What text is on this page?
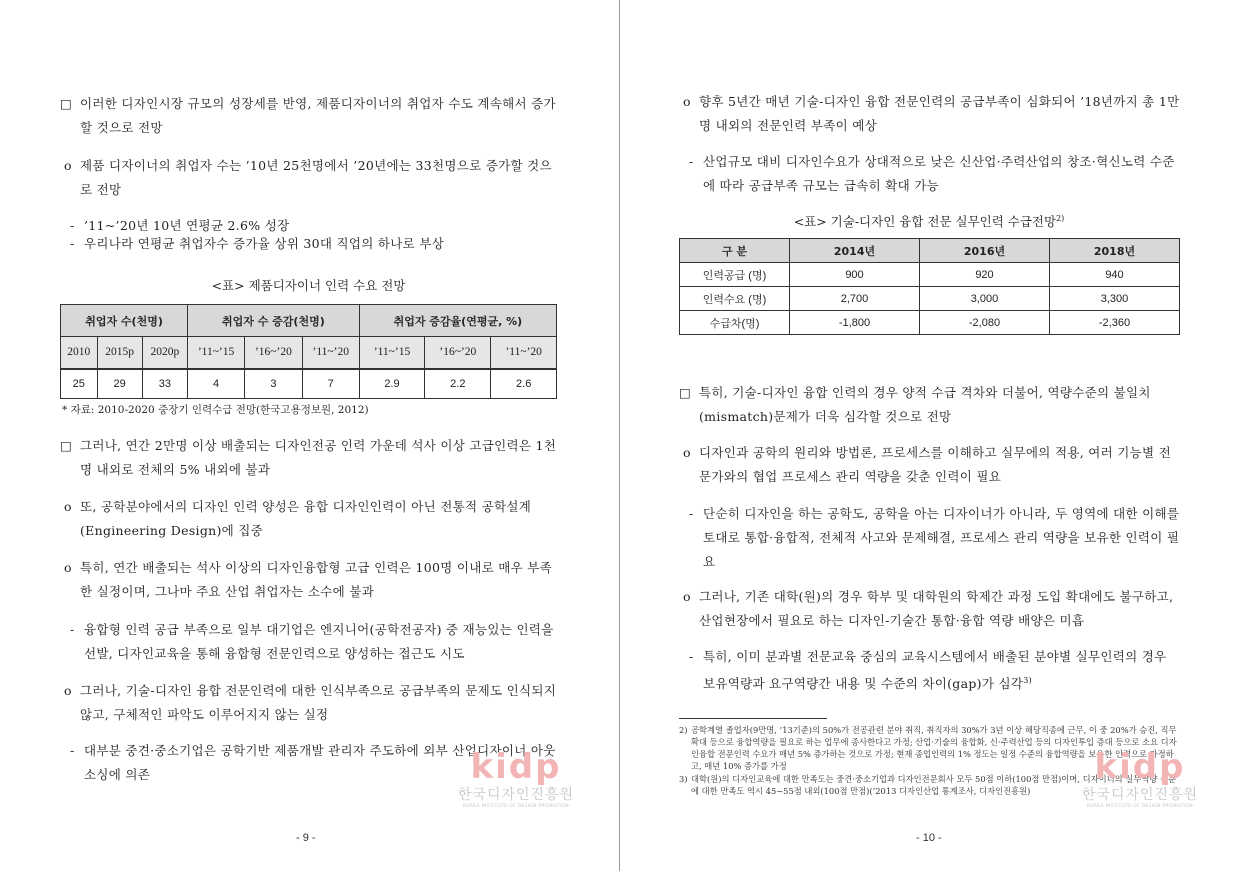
□ 이러한 디자인시장 규모의 성장세를 반영, 제품디자이너의 취업자 수도 계속해서 증가할 것으로 전망
o 제품 디자이너의 취업자 수는 ’10년 25천명에서 ’20년에는 33천명으로 증가할 것으로 전망
- ’11~’20년 10년 연평균 2.6% 성장
- 우리나라 연평균 취업자수 증가율 상위 30대 직업의 하나로 부상
<표> 제품디자이너 인력 수요 전망
취업자 수(천명)			취업자 수 증감(천명)			취업자 증감율(연평균, %)		
2010	2015p	2020p	’11~’15	’16~’20	’11~’20	’11~’15	’16~’20	’11~’20
25	29	33	4	3	7	2.9	2.2	2.6
* 자료: 2010-2020 중장기 인력수급 전망(한국고용정보원, 2012)
□ 그러나, 연간 2만명 이상 배출되는 디자인전공 인력 가운데 석사 이상 고급인력은 1천명 내외로 전체의 5% 내외에 불과
o 또, 공학분야에서의 디자인 인력 양성은 융합 디자인인력이 아닌 전통적 공학설계(Engineering Design)에 집중
o 특히, 연간 배출되는 석사 이상의 디자인융합형 고급 인력은 100명 이내로 매우 부족한 실정이며, 그나마 주요 산업 취업자는 소수에 불과
- 융합형 인력 공급 부족으로 일부 대기업은 엔지니어(공학전공자) 중 재능있는 인력을 선발, 디자인교육을 통해 융합형 전문인력으로 양성하는 접근도 시도
o 그러나, 기술-디자인 융합 전문인력에 대한 인식부족으로 공급부족의 문제도 인식되지 않고, 구체적인 파악도 이루어지지 않는 실정
- 대부분 중견·중소기업은 공학기반 제품개발 관리자 주도하에 외부 산업디자이너 아웃소싱에 의존	kidp
한국디자인진흥원
KOREA INSTITUTE OF DESIGN PROMOTION
- 9 -
o 향후 5년간 매년 기술-디자인 융합 전문인력의 공급부족이 심화되어 ’18년까지 총 1만명 내외의 전문인력 부족이 예상
- 산업규모 대비 디자인수요가 상대적으로 낮은 신산업·주력산업의 창조·혁신노력 수준에 따라 공급부족 규모는 급속히 확대 가능
<표> 기술-디자인 융합 전문 실무인력 수급전망$^{2)}$
구 분	2014년	2016년	2018년
인력공급 (명)	900	920	940
인력수요 (명)	2,700	3,000	3,300
수급차(명)	-1,800	-2,080	-2,360
□ 특히, 기술-디자인 융합 인력의 경우 양적 수급 격차와 더불어, 역량수준의 불일치(mismatch)문제가 더욱 심각할 것으로 전망
o 디자인과 공학의 원리와 방법론, 프로세스를 이해하고 실무에의 적용, 여러 기능별 전문가와의 협업 프로세스 관리 역량을 갖춘 인력이 필요
- 단순히 디자인을 하는 공학도, 공학을 아는 디자이너가 아니라, 두 영역에 대한 이해를 토대로 통합·융합적, 전체적 사고와 문제해결, 프로세스 관리 역량을 보유한 인력이 필요
o 그러나, 기존 대학(원)의 경우 학부 및 대학원의 학제간 과정 도입 확대에도 불구하고, 산업현장에서 필요로 하는 디자인-기술간 통합·융합 역량 배양은 미흡
- 특히, 이미 분과별 전문교육 중심의 교육시스템에서 배출된 분야별 실무인력의 경우 보유역량과 요구역량간 내용 및 수준의 차이(gap)가 심각$^{3)}$
2) 공학계열 졸업자(9만명, ’13기준)의 50%가 전공관련 분야 취직, 취직자의 30%가 3년 이상 해당직종에 근무, 이 중 20%가 승진, 직무 확대 등으로 융합역량을 필요로 하는 업무에 종사한다고 가정; 산업·기술의 융합화, 신·주력산업 등의 디자인투입 증대 등으로 소요 디자인융합 전문인력 수요가 매년 5% 증가하는 것으로 가정; 현재 종업인력의 1% 정도는 일정 수준의 융합역량을 보유한 인력으로 가정하고, 매년 10% 증가를 가정
3) 대학(원)의 디자인교육에 대한 만족도는 중견·중소기업과 디자인전문회사 모두 50점 이하(100점 만점)이며, 디자이너의 실무역량 수준에 대한 만족도 역시 45~55점 내외(100점 만점)(’2013 디자인산업 통계조사, 디자인진흥원)
kidp
한국디자인진흥원
KOREA INSTITUTE OF DESIGN PROMOTION
- 10 -
